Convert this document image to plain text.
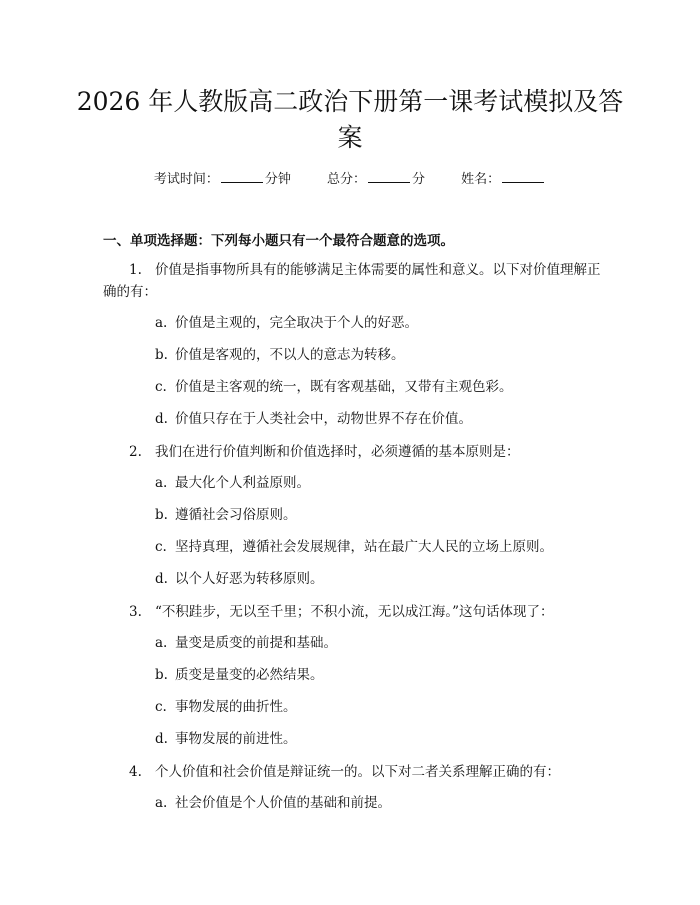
2026 年人教版高二政治下册第一课考试模拟及答案
考试时间：	分钟	总分：	分	姓名：
一、单项选择题：下列每小题只有一个最符合题意的选项。
1. 价值是指事物所具有的能够满足主体需要的属性和意义。以下对价值理解正确的有：
a. 价值是主观的，完全取决于个人的好恶。
b. 价值是客观的，不以人的意志为转移。
c. 价值是主客观的统一，既有客观基础，又带有主观色彩。
d. 价值只存在于人类社会中，动物世界不存在价值。
2. 我们在进行价值判断和价值选择时，必须遵循的基本原则是：
a. 最大化个人利益原则。
b. 遵循社会习俗原则。
c. 坚持真理，遵循社会发展规律，站在最广大人民的立场上原则。
d. 以个人好恶为转移原则。
3. “不积跬步，无以至千里；不积小流，无以成江海。”这句话体现了：
a. 量变是质变的前提和基础。
b. 质变是量变的必然结果。
c. 事物发展的曲折性。
d. 事物发展的前进性。
4. 个人价值和社会价值是辩证统一的。以下对二者关系理解正确的有：
a. 社会价值是个人价值的基础和前提。
